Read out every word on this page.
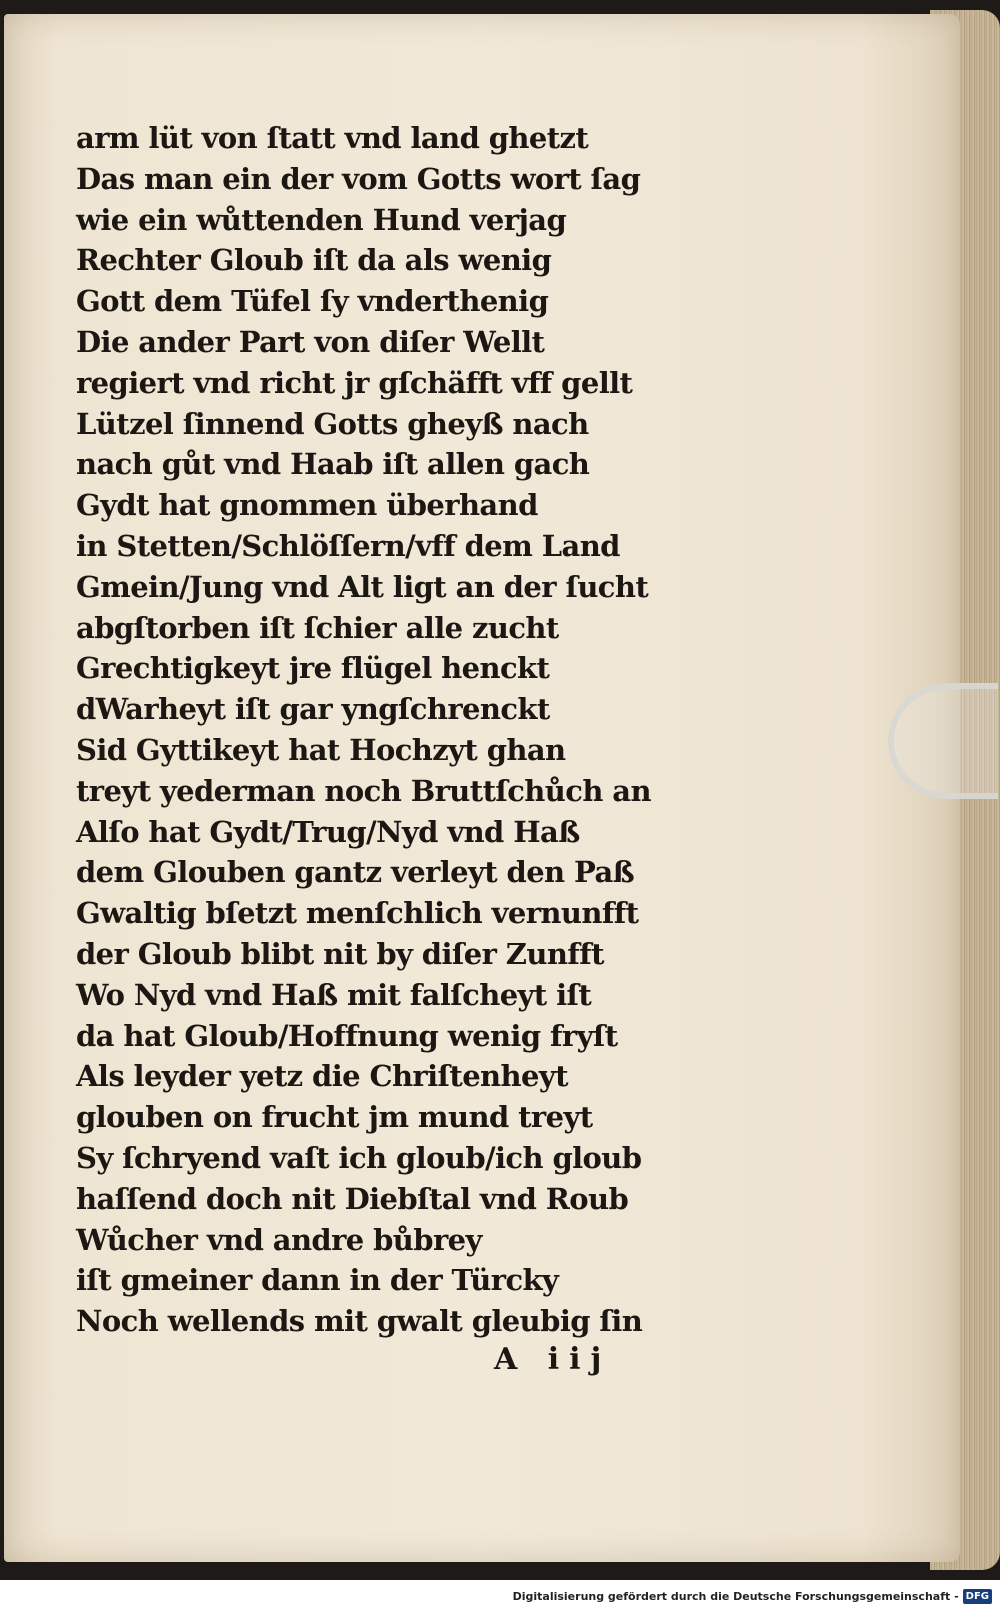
arm lüt von ſtatt vnd land ghetzt
Das man ein der vom Gotts wort ſag
wie ein wůttenden Hund verjag
Rechter Gloub iſt da als wenig
Gott dem Tüfel ſy vnderthenig
Die ander Part von diſer Wellt
regiert vnd richt jr gſchäfft vff gellt
Lützel ſinnend Gotts gheyß nach
nach gůt vnd Haab iſt allen gach
Gydt hat gnommen überhand
in Stetten/Schlöſſern/vff dem Land
Gmein/Jung vnd Alt ligt an der ſucht
abgſtorben iſt ſchier alle zucht
Grechtigkeyt jre flügel henckt
dWarheyt iſt gar yngſchrenckt
Sid Gyttikeyt hat Hochzyt ghan
treyt yederman noch Bruttſchůch an
Alſo hat Gydt/Trug/Nyd vnd Haß
dem Glouben gantz verleyt den Paß
Gwaltig bſetzt menſchlich vernunfft
der Gloub blibt nit by diſer Zunfft
Wo Nyd vnd Haß mit falſcheyt iſt
da hat Gloub/Hoffnung wenig fryſt
Als leyder yetz die Chriſtenheyt
glouben on frucht jm mund treyt
Sy ſchryend vaſt ich gloub/ich gloub
haſſend doch nit Diebſtal vnd Roub
Wůcher vnd andre bůbrey
iſt gmeiner dann in der Türcky
Noch wellends mit gwalt gleubig ſin
A iij
Digitalisierung gefördert durch die Deutsche Forschungsgemeinschaft - DFG
